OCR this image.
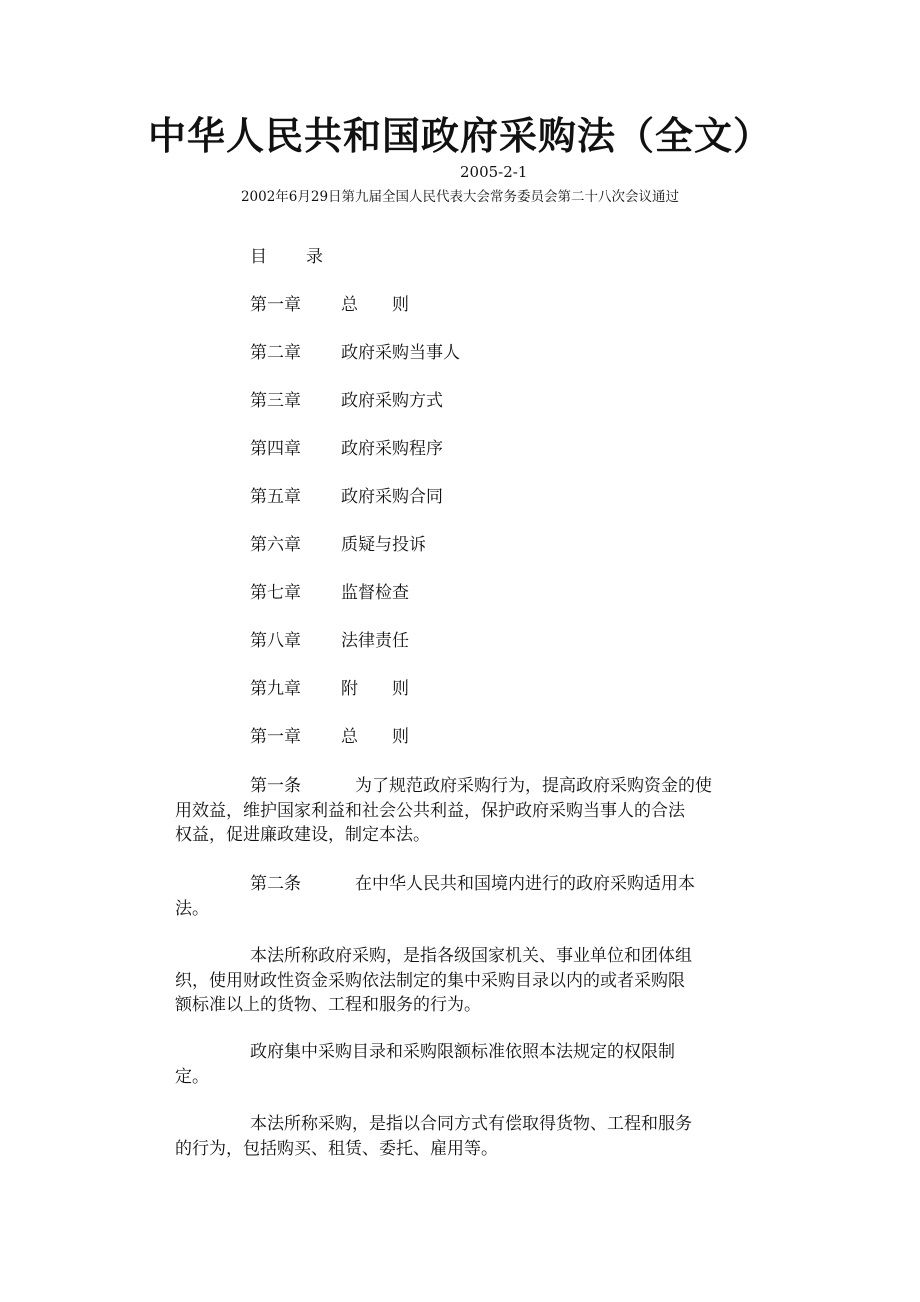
中华人民共和国政府采购法（全文）
2005-2-1
2002年6月29日第九届全国人民代表大会常务委员会第二十八次会议通过
目 录
第一章 总　　则
第二章 政府采购当事人
第三章 政府采购方式
第四章 政府采购程序
第五章 政府采购合同
第六章 质疑与投诉
第七章 监督检查
第八章 法律责任
第九章 附　　则
第一章 总　　则

第一条	为了规范政府采购行为，提高政府采购资金的使
用效益，维护国家利益和社会公共利益，保护政府采购当事人的合法
权益，促进廉政建设，制定本法。

第二条	在中华人民共和国境内进行的政府采购适用本
法。

本法所称政府采购，是指各级国家机关、事业单位和团体组
织，使用财政性资金采购依法制定的集中采购目录以内的或者采购限
额标准以上的货物、工程和服务的行为。

政府集中采购目录和采购限额标准依照本法规定的权限制
定。

本法所称采购，是指以合同方式有偿取得货物、工程和服务
的行为，包括购买、租赁、委托、雇用等。
